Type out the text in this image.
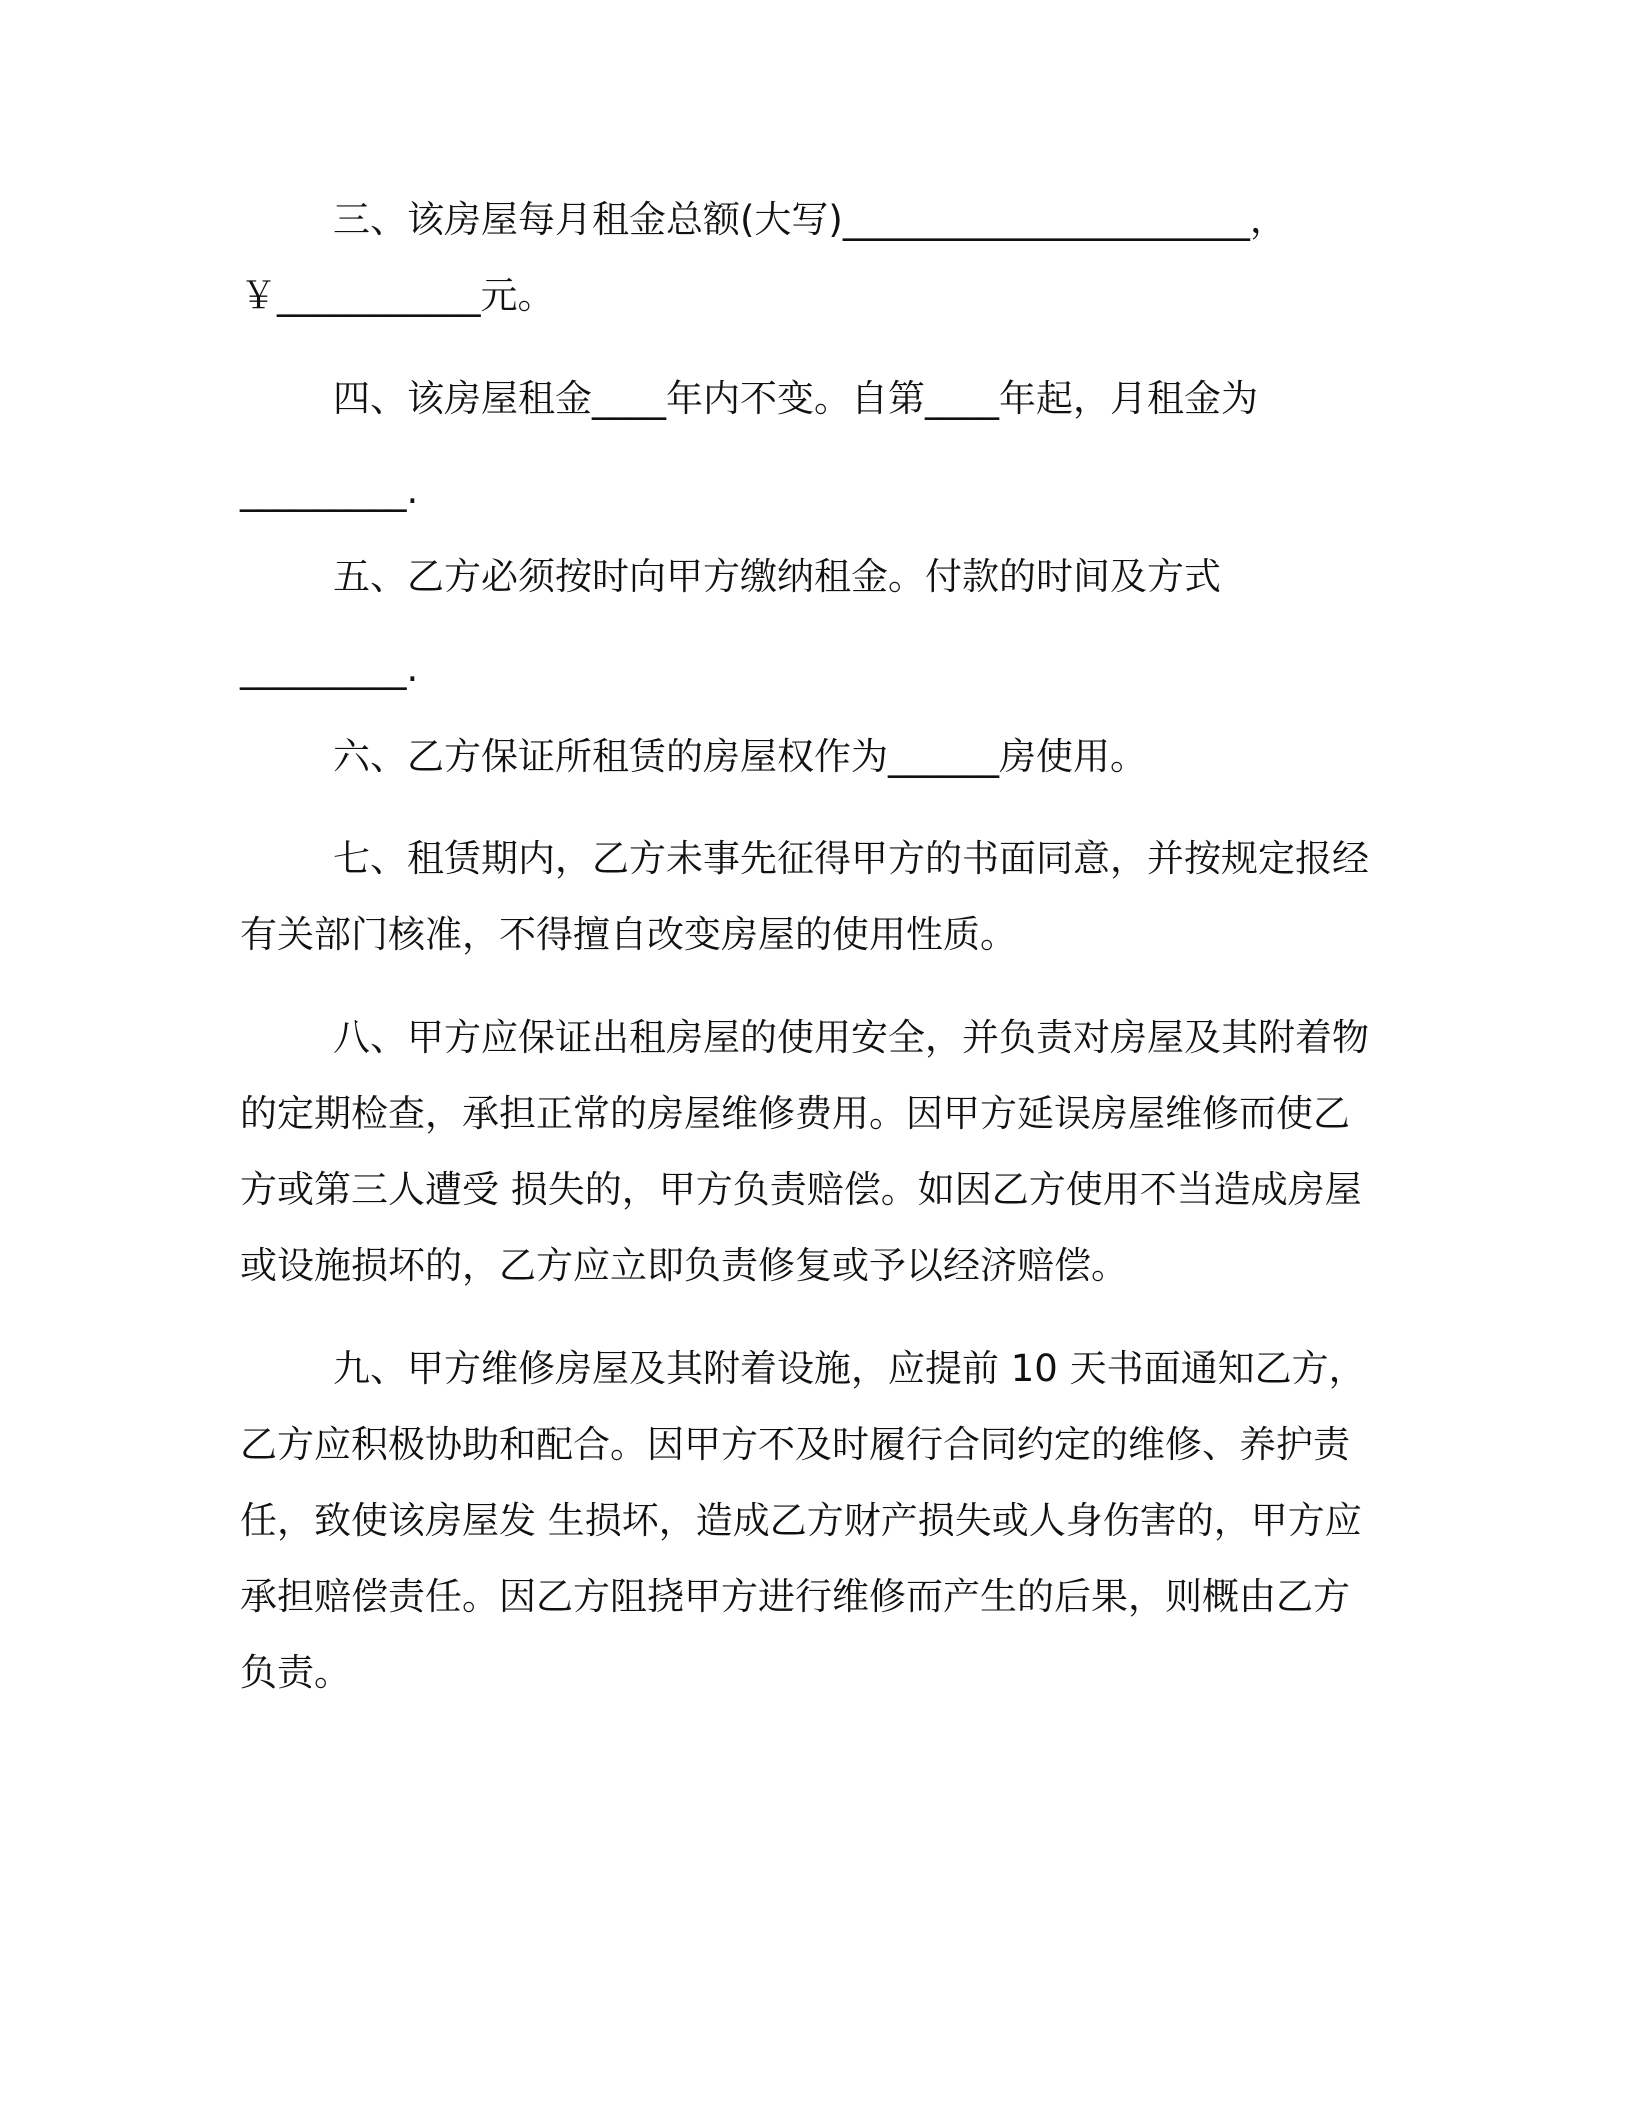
三、该房屋每月租金总额(大写)______________________，
￥___________元。
四、该房屋租金____年内不变。自第____年起，月租金为
_________.
五、乙方必须按时向甲方缴纳租金。付款的时间及方式
_________.
六、乙方保证所租赁的房屋权作为______房使用。
七、租赁期内，乙方未事先征得甲方的书面同意，并按规定报经
有关部门核准，不得擅自改变房屋的使用性质。
八、甲方应保证出租房屋的使用安全，并负责对房屋及其附着物
的定期检查，承担正常的房屋维修费用。因甲方延误房屋维修而使乙
方或第三人遭受 损失的，甲方负责赔偿。如因乙方使用不当造成房屋
或设施损坏的，乙方应立即负责修复或予以经济赔偿。
九、甲方维修房屋及其附着设施，应提前 10 天书面通知乙方，
乙方应积极协助和配合。因甲方不及时履行合同约定的维修、养护责
任，致使该房屋发 生损坏，造成乙方财产损失或人身伤害的，甲方应
承担赔偿责任。因乙方阻挠甲方进行维修而产生的后果，则概由乙方
负责。
